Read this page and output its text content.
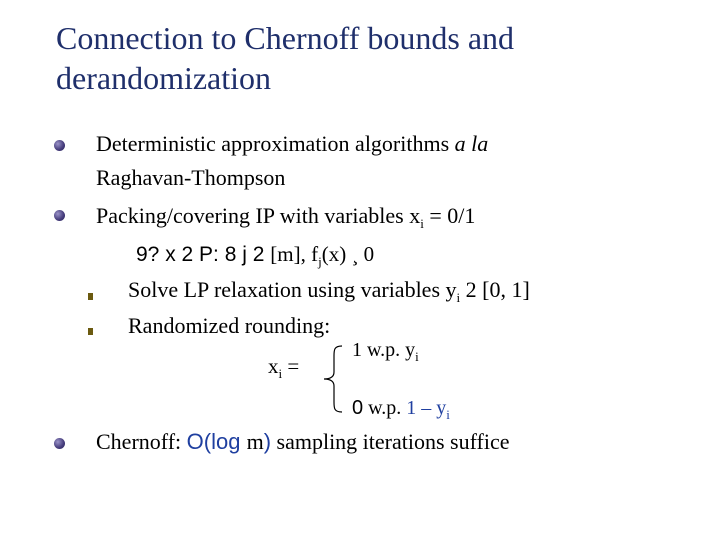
Connection to Chernoff bounds and derandomization
Deterministic approximation algorithms a la
Raghavan-Thompson
Packing/covering IP with variables $x_i = 0/1$
9? x 2 P: 8 j 2 [m], $f_j(x)$ ¸ 0
Solve LP relaxation using variables $y_i$ 2 [0, 1]
Randomized rounding:
$x_i$ =
1 w.p. $y_i$
0 w.p. $1 - y_i$
Chernoff: O(log m) sampling iterations suffice
